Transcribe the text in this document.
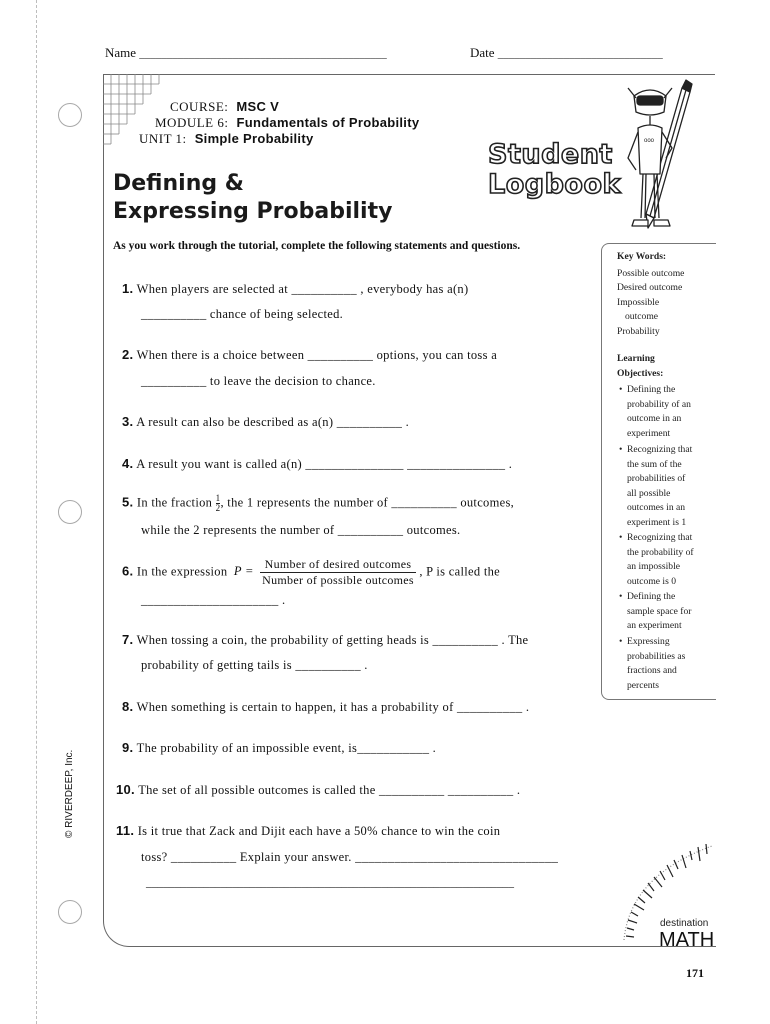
Name _____________________________________________	Date ______________________________
COURSE: MSC V
MODULE 6: Fundamentals of Probability
UNIT 1: Simple Probability
Defining &
Expressing Probability
Student
Logbook
ooo
As you work through the tutorial, complete the following statements and questions.
1. When players are selected at __________ , everybody has a(n)
__________ chance of being selected.
2. When there is a choice between __________ options, you can toss a
__________ to leave the decision to chance.
3. A result can also be described as a(n) __________ .
4. A result you want is called a(n) _______________ _______________ .
5. In the fraction $\frac{1}{2}$, the 1 represents the number of __________ outcomes,
while the 2 represents the number of __________ outcomes.
6. In the expression $P = \frac{\text{Number of desired outcomes}}{\text{Number of possible outcomes}}$ , P is called the
_____________________ .
7. When tossing a coin, the probability of getting heads is __________ . The
probability of getting tails is __________ .
8. When something is certain to happen, it has a probability of __________ .
9. The probability of an impossible event, is___________ .
10. The set of all possible outcomes is called the __________ __________ .
11. Is it true that Zack and Dijit each have a 50% chance to win the coin
toss? __________ Explain your answer. _______________________________
________________________________________________________________
Key Words:
Possible outcome
Desired outcome
Impossible
outcome
Probability
Learning
Objectives:
• Defining the
probability of an
outcome in an
experiment
• Recognizing that
the sum of the
probabilities of
all possible
outcomes in an
experiment is 1
• Recognizing that
the probability of
an impossible
outcome is 0
• Defining the
sample space for
an experiment
• Expressing
probabilities as
fractions and
percents
© RIVERDEEP, Inc.
destination
MATH
171
